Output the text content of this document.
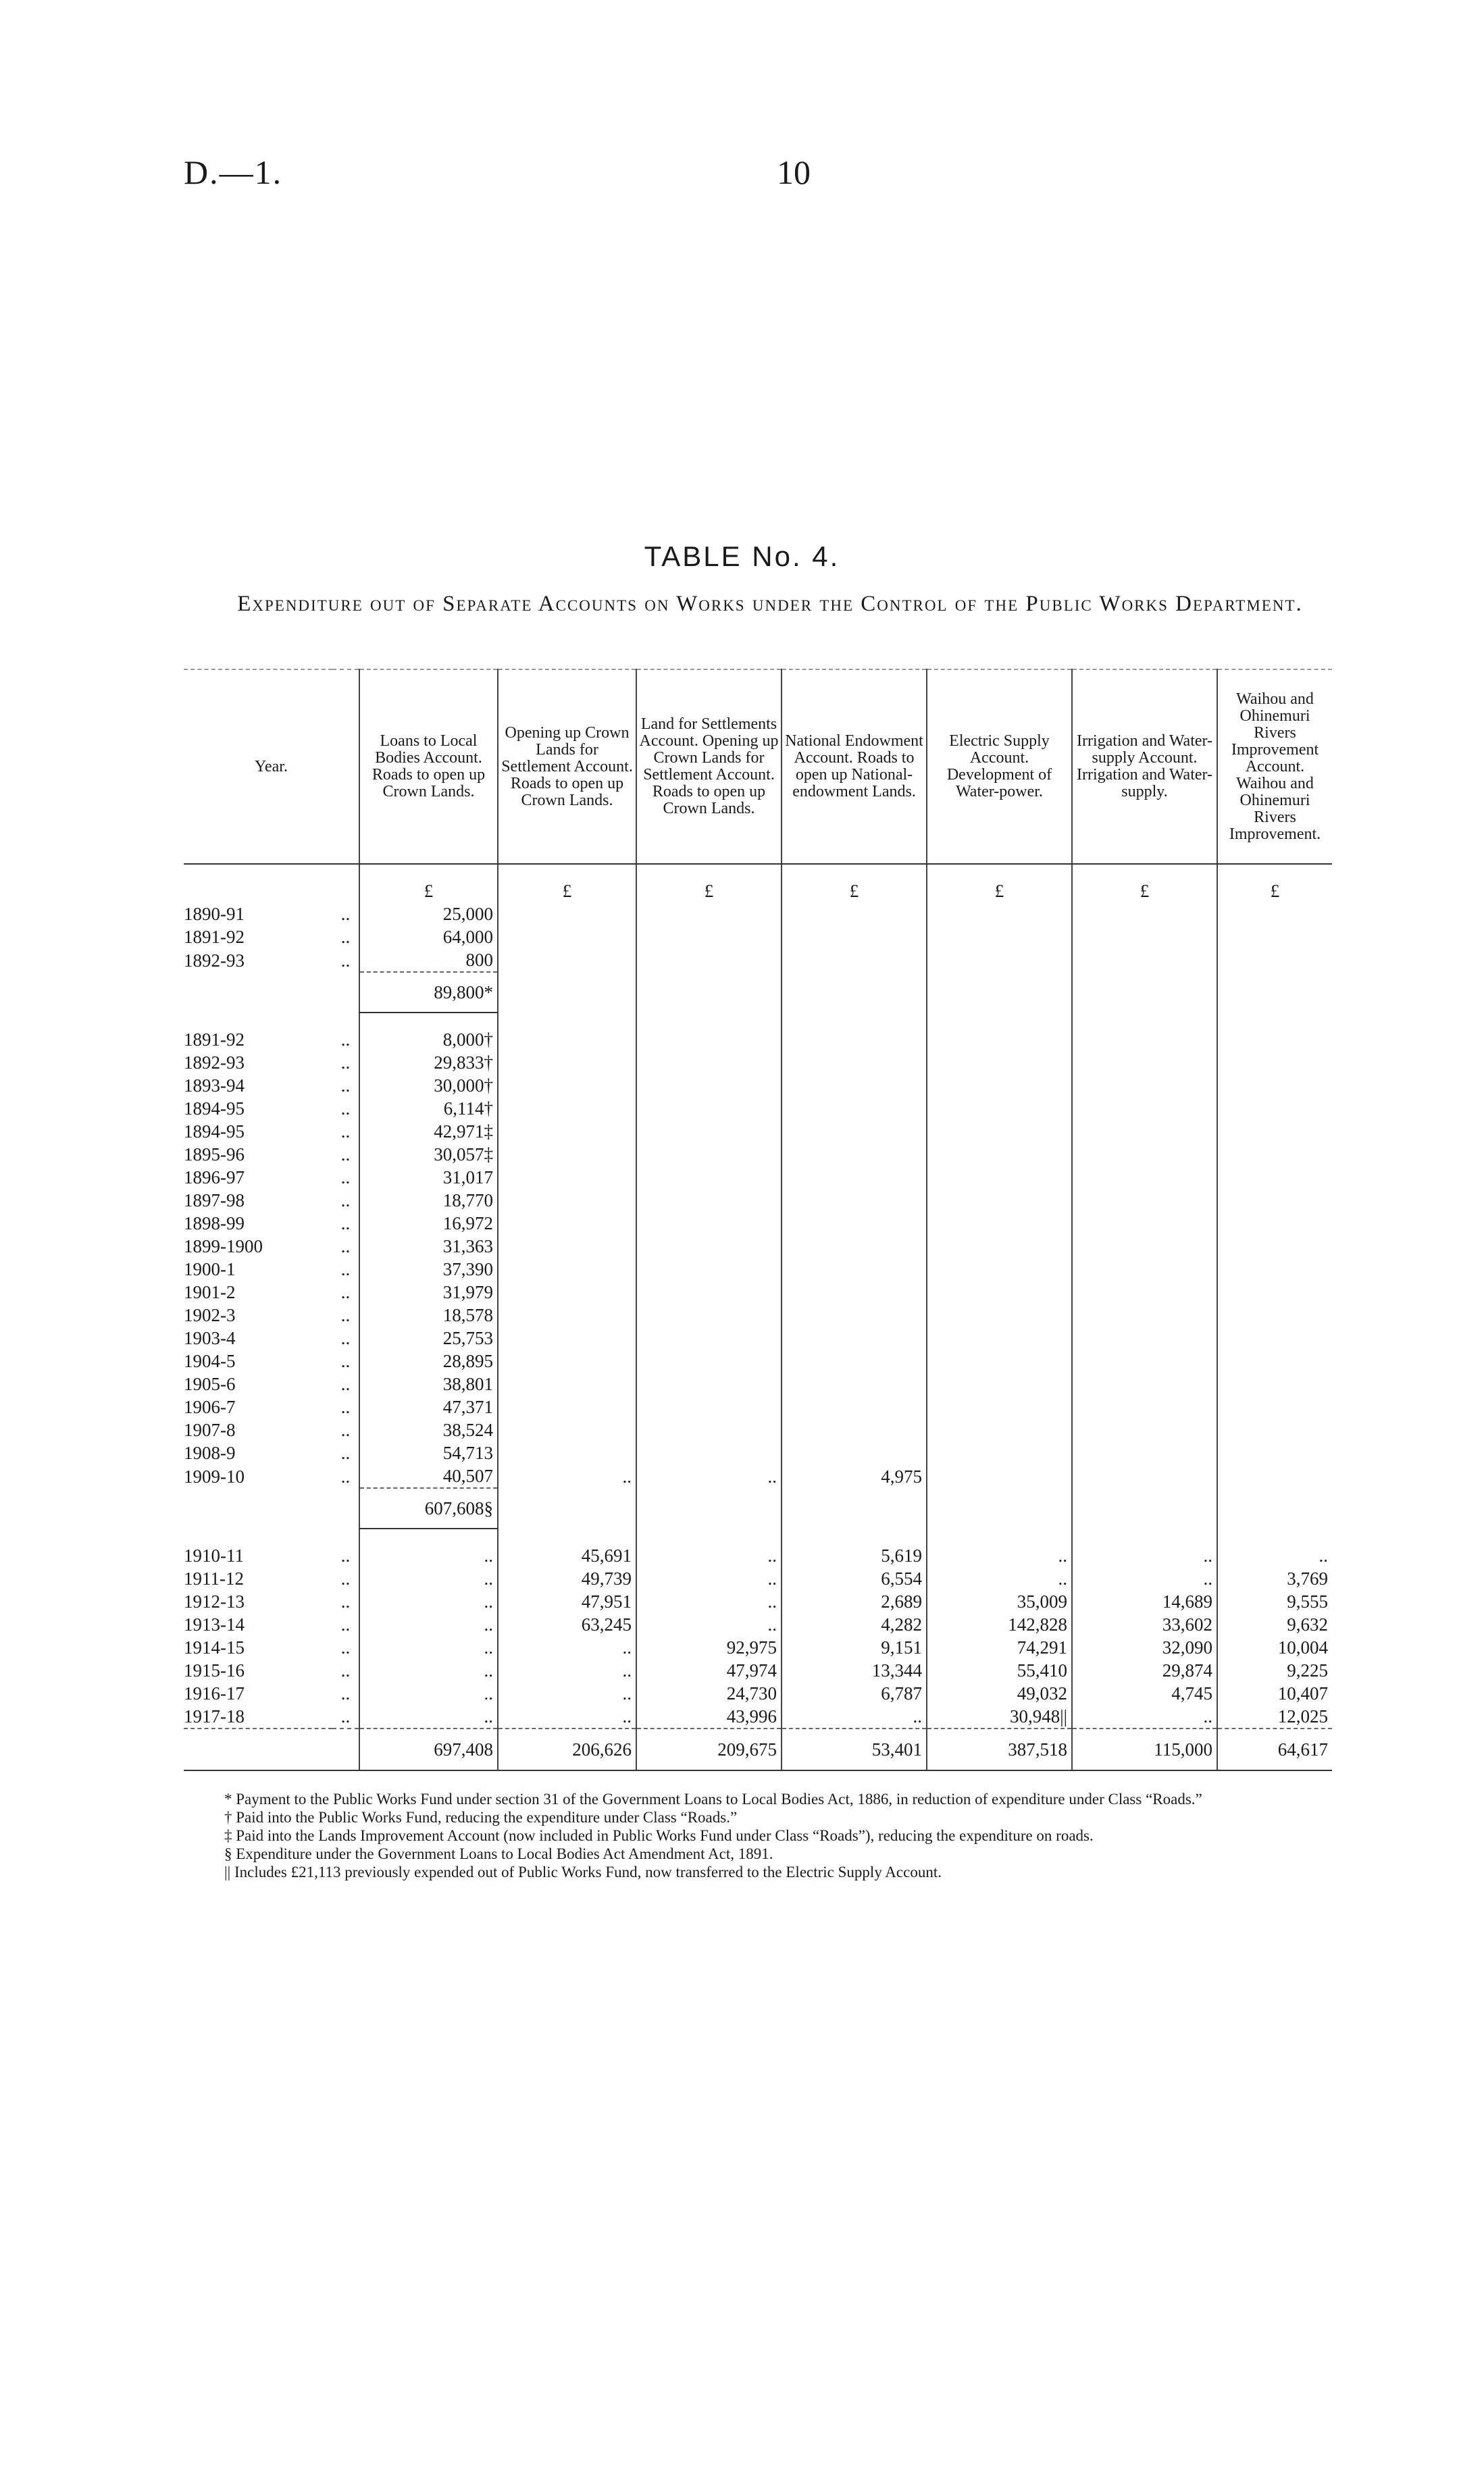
D.—1.	10
TABLE No. 4.
Expenditure out of Separate Accounts on Works under the Control of the Public Works Department.
Year.		Loans to Local Bodies Account. Roads to open up Crown Lands.	Opening up Crown Lands for Settlement Account. Roads to open up Crown Lands.	Land for Settlements Account. Opening up Crown Lands for Settlement Account. Roads to open up Crown Lands.	National Endowment Account. Roads to open up National-endowment Lands.	Electric Supply Account. Development of Water-power.	Irrigation and Water-supply Account. Irrigation and Water-supply.	Waihou and Ohinemuri Rivers Improvement Account. Waihou and Ohinemuri Rivers Improvement.
		£	£	£	£	£	£	£
1890-91	..	25,000						
1891-92	..	64,000						
1892-93	..	800						
		89,800*						

1891-92	..	8,000†						
1892-93	..	29,833†						
1893-94	..	30,000†						
1894-95	..	6,114†						
1894-95	..	42,971‡						
1895-96	..	30,057‡						
1896-97	..	31,017						
1897-98	..	18,770						
1898-99	..	16,972						
1899-1900	..	31,363						
1900-1	..	37,390						
1901-2	..	31,979						
1902-3	..	18,578						
1903-4	..	25,753						
1904-5	..	28,895						
1905-6	..	38,801						
1906-7	..	47,371						
1907-8	..	38,524						
1908-9	..	54,713						
1909-10	..	40,507	..	..	4,975			
		607,608§						

1910-11	..	..	45,691	..	5,619	..	..	..
1911-12	..	..	49,739	..	6,554	..	..	3,769
1912-13	..	..	47,951	..	2,689	35,009	14,689	9,555
1913-14	..	..	63,245	..	4,282	142,828	33,602	9,632
1914-15	..	..	..	92,975	9,151	74,291	32,090	10,004
1915-16	..	..	..	47,974	13,344	55,410	29,874	9,225
1916-17	..	..	..	24,730	6,787	49,032	4,745	10,407
1917-18	..	..	..	43,996	..	30,948||	..	12,025
		697,408	206,626	209,675	53,401	387,518	115,000	64,617

* Payment to the Public Works Fund under section 31 of the Government Loans to Local Bodies Act, 1886, in reduction of expenditure under Class “Roads.”

† Paid into the Public Works Fund, reducing the expenditure under Class “Roads.”

‡ Paid into the Lands Improvement Account (now included in Public Works Fund under Class “Roads”), reducing the expenditure on roads.

§ Expenditure under the Government Loans to Local Bodies Act Amendment Act, 1891.

|| Includes £21,113 previously expended out of Public Works Fund, now transferred to the Electric Supply Account.
